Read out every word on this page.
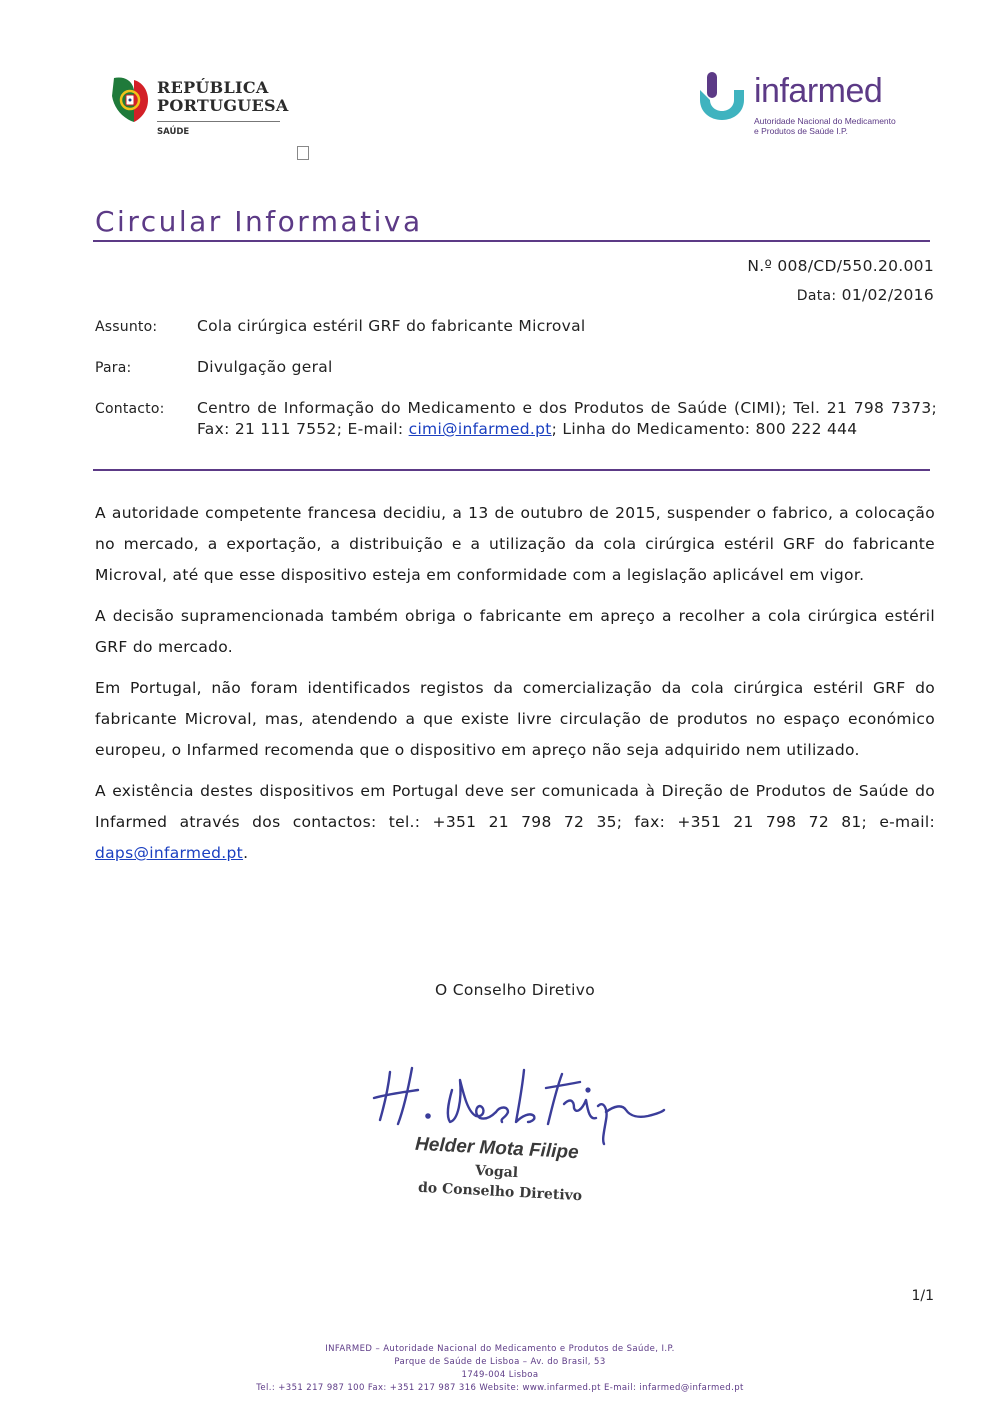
REPÚBLICA
PORTUGUESA
SAÚDE
infarmed
Autoridade Nacional do Medicamento
e Produtos de Saúde I.P.
Circular Informativa
N.º 008/CD/550.20.001
Data: 01/02/2016
Assunto:	Cola cirúrgica estéril GRF do fabricante Microval
Para:	Divulgação geral
Contacto: Centro de Informação do Medicamento e dos Produtos de Saúde (CIMI); Tel. 21 798 7373; Fax: 21 111 7552; E-mail: cimi@infarmed.pt; Linha do Medicamento: 800 222 444

A autoridade competente francesa decidiu, a 13 de outubro de 2015, suspender o fabrico, a colocação no mercado, a exportação, a distribuição e a utilização da cola cirúrgica estéril GRF do fabricante Microval, até que esse dispositivo esteja em conformidade com a legislação aplicável em vigor.

A decisão supramencionada também obriga o fabricante em apreço a recolher a cola cirúrgica estéril GRF do mercado.

Em Portugal, não foram identificados registos da comercialização da cola cirúrgica estéril GRF do fabricante Microval, mas, atendendo a que existe livre circulação de produtos no espaço económico europeu, o Infarmed recomenda que o dispositivo em apreço não seja adquirido nem utilizado.

A existência destes dispositivos em Portugal deve ser comunicada à Direção de Produtos de Saúde do Infarmed através dos contactos: tel.: +351 21 798 72 35; fax: +351 21 798 72 81; e-mail: daps@infarmed.pt.

O Conselho Diretivo
Helder Mota Filipe
Vogal
do Conselho Diretivo
1/1
INFARMED – Autoridade Nacional do Medicamento e Produtos de Saúde, I.P.
Parque de Saúde de Lisboa – Av. do Brasil, 53
1749-004 Lisboa
Tel.: +351 217 987 100 Fax: +351 217 987 316 Website: www.infarmed.pt E-mail: infarmed@infarmed.pt
